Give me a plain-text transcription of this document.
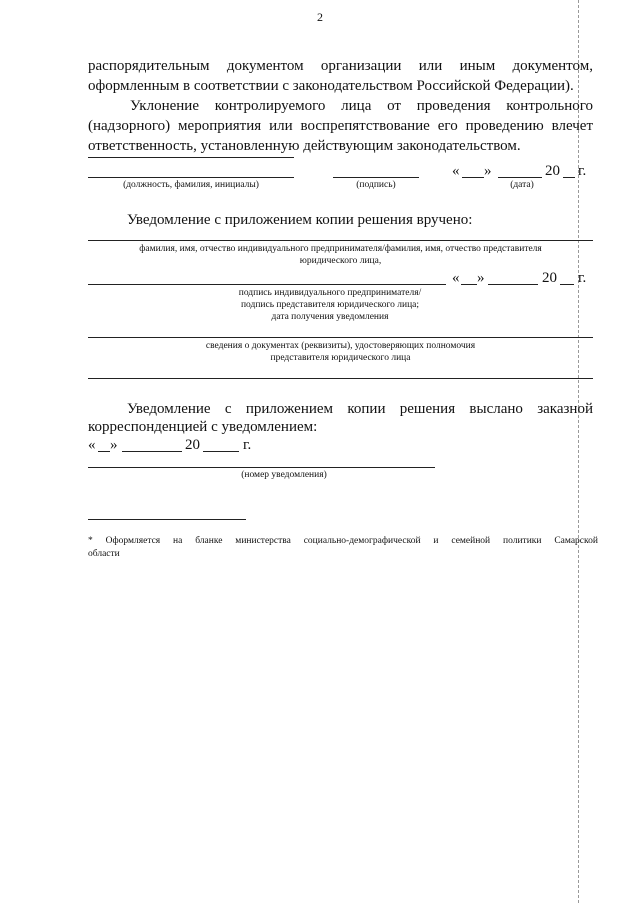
2
распорядительным документом организации или иным документом,
оформленным в соответствии с законодательством Российской Федерации).
Уклонение контролируемого лица от проведения контрольного
(надзорного) мероприятия или воспрепятствование его проведению влечет
ответственность, установленную действующим законодательством.
« »	20 г.
(должность, фамилия, инициалы)	(подпись)	(дата)
Уведомление с приложением копии решения вручено:
фамилия, имя, отчество индивидуального предпринимателя/фамилия, имя, отчество представителя
юридического лица,
« »	20 г.
подпись индивидуального предпринимателя/
подпись представителя юридического лица;
дата получения уведомления
сведения о документах (реквизиты), удостоверяющих полномочия
представителя юридического лица
Уведомление с приложением копии решения выслано заказной
корреспонденцией с уведомлением:
« »	20	г.
(номер уведомления)
* Оформляется на бланке министерства социально-демографической и семейной политики Самарской
области
